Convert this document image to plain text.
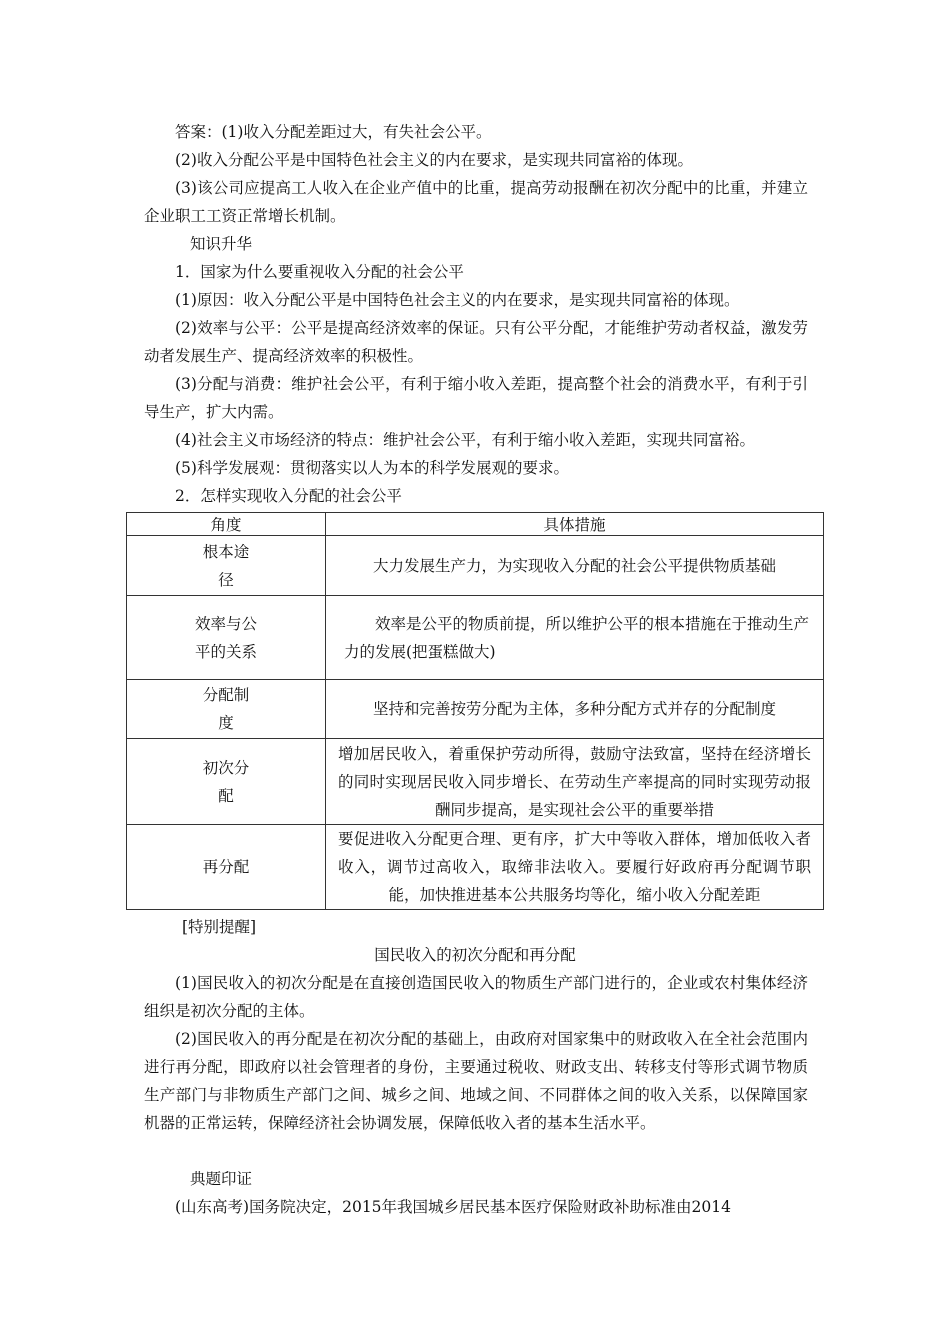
答案：(1)收入分配差距过大，有失社会公平。

(2)收入分配公平是中国特色社会主义的内在要求，是实现共同富裕的体现。

(3)该公司应提高工人收入在企业产值中的比重，提高劳动报酬在初次分配中的比重，并建立企业职工工资正常增长机制。

知识升华

1．国家为什么要重视收入分配的社会公平

(1)原因：收入分配公平是中国特色社会主义的内在要求，是实现共同富裕的体现。

(2)效率与公平：公平是提高经济效率的保证。只有公平分配，才能维护劳动者权益，激发劳动者发展生产、提高经济效率的积极性。

(3)分配与消费：维护社会公平，有利于缩小收入差距，提高整个社会的消费水平，有利于引导生产，扩大内需。

(4)社会主义市场经济的特点：维护社会公平，有利于缩小收入差距，实现共同富裕。

(5)科学发展观：贯彻落实以人为本的科学发展观的要求。

2．怎样实现收入分配的社会公平

角度	具体措施
根本途径	大力发展生产力，为实现收入分配的社会公平提供物质基础

效率与公平的关系	效率是公平的物质前提，所以维护公平的根本措施在于推动生产力的发展(把蛋糕做大)

分配制度	坚持和完善按劳分配为主体，多种分配方式并存的分配制度

初次分配	增加居民收入，着重保护劳动所得，鼓励守法致富，坚持在经济增长的同时实现居民收入同步增长、在劳动生产率提高的同时实现劳动报酬同步提高，是实现社会公平的重要举措

再分配	要促进收入分配更合理、更有序，扩大中等收入群体，增加低收入者收入，调节过高收入，取缔非法收入。要履行好政府再分配调节职能，加快推进基本公共服务均等化，缩小收入分配差距

[特别提醒]

国民收入的初次分配和再分配

(1)国民收入的初次分配是在直接创造国民收入的物质生产部门进行的，企业或农村集体经济组织是初次分配的主体。

(2)国民收入的再分配是在初次分配的基础上，由政府对国家集中的财政收入在全社会范围内进行再分配，即政府以社会管理者的身份，主要通过税收、财政支出、转移支付等形式调节物质生产部门与非物质生产部门之间、城乡之间、地域之间、不同群体之间的收入关系，以保障国家机器的正常运转，保障经济社会协调发展，保障低收入者的基本生活水平。

典题印证

(山东高考)国务院决定，2015年我国城乡居民基本医疗保险财政补助标准由2014
